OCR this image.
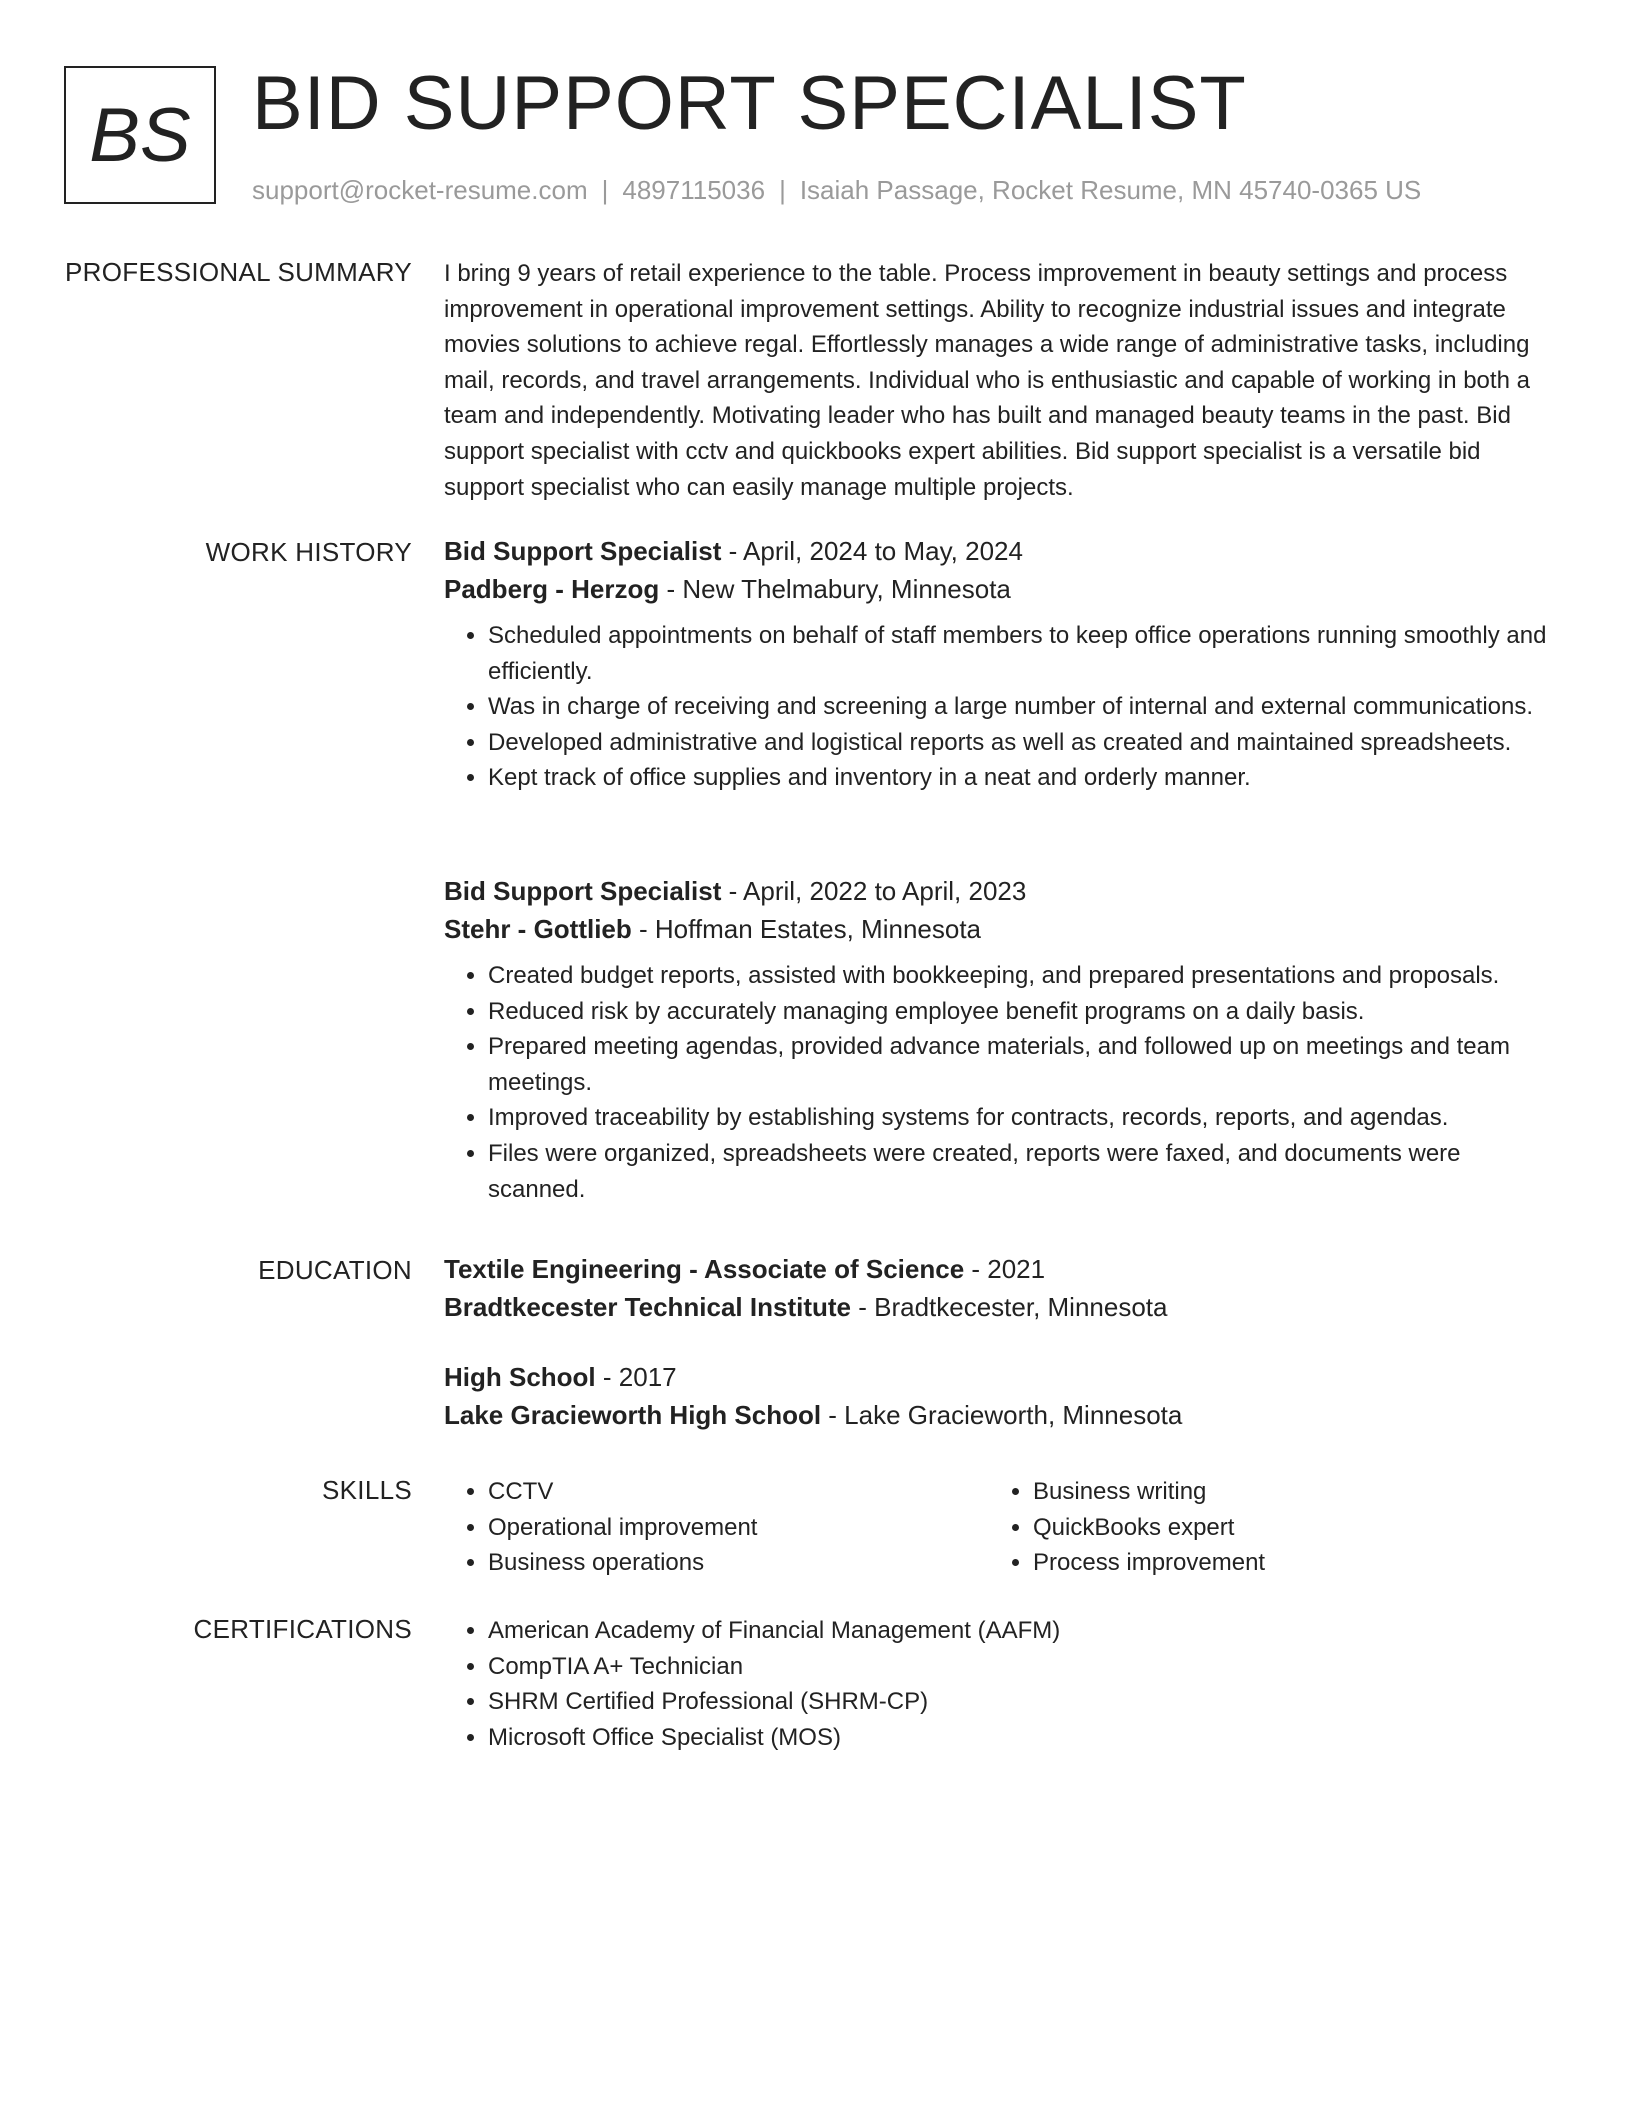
BS BID SUPPORT SPECIALIST
support@rocket-resume.com | 4897115036 | Isaiah Passage, Rocket Resume, MN 45740-0365 US
PROFESSIONAL SUMMARY I bring 9 years of retail experience to the table. Process improvement in beauty settings and process improvement in operational improvement settings. Ability to recognize industrial issues and integrate movies solutions to achieve regal. Effortlessly manages a wide range of administrative tasks, including mail, records, and travel arrangements. Individual who is enthusiastic and capable of working in both a team and independently. Motivating leader who has built and managed beauty teams in the past. Bid support specialist with cctv and quickbooks expert abilities. Bid support specialist is a versatile bid support specialist who can easily manage multiple projects.

WORK HISTORY Bid Support Specialist - April, 2024 to May, 2024

Padberg - Herzog - New Thelmabury, Minnesota

• Scheduled appointments on behalf of staff members to keep office operations running smoothly and efficiently.
• Was in charge of receiving and screening a large number of internal and external communications.
• Developed administrative and logistical reports as well as created and maintained spreadsheets.
• Kept track of office supplies and inventory in a neat and orderly manner.

Bid Support Specialist - April, 2022 to April, 2023

Stehr - Gottlieb - Hoffman Estates, Minnesota

• Created budget reports, assisted with bookkeeping, and prepared presentations and proposals.
• Reduced risk by accurately managing employee benefit programs on a daily basis.
• Prepared meeting agendas, provided advance materials, and followed up on meetings and team meetings.
• Improved traceability by establishing systems for contracts, records, reports, and agendas.
• Files were organized, spreadsheets were created, reports were faxed, and documents were scanned.
EDUCATION Textile Engineering - Associate of Science - 2021

Bradtkecester Technical Institute - Bradtkecester, Minnesota

High School - 2017

Lake Gracieworth High School - Lake Gracieworth, Minnesota

SKILLS	• CCTV
• Operational improvement
• Business operations
• Business writing
• QuickBooks expert
• Process improvement
CERTIFICATIONS	• American Academy of Financial Management (AAFM)
• CompTIA A+ Technician
• SHRM Certified Professional (SHRM-CP)
• Microsoft Office Specialist (MOS)
